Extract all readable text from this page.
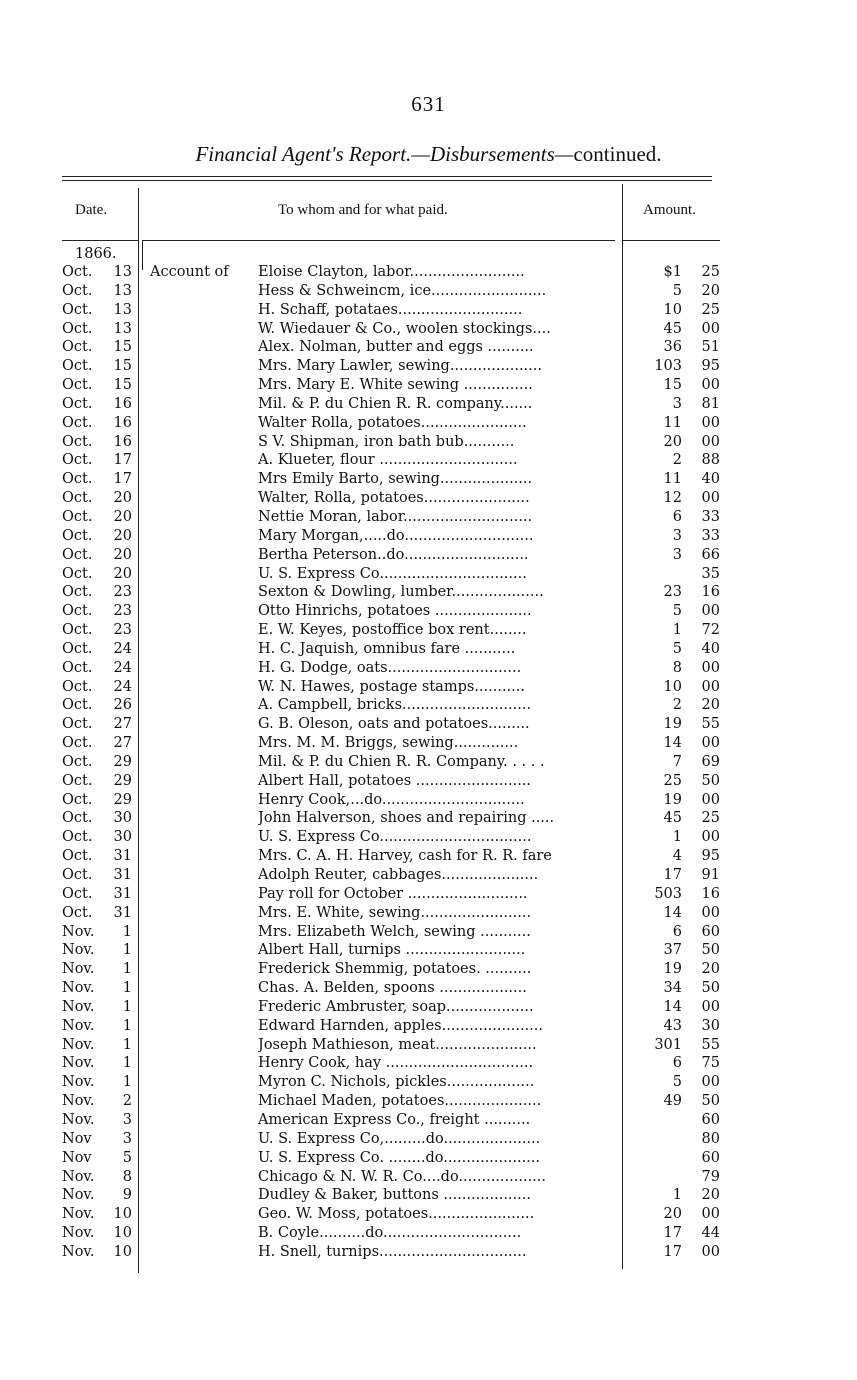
631
Financial Agent's Report.—Disbursements—continued.
Date.	To whom and for what paid.	Amount.
1866.
Account of
Oct.	13	Eloise Clayton, labor.........................	$1	25
Oct.	13	Hess & Schweincm, ice.........................	5	20
Oct.	13	H. Schaff, potataes...........................	10	25
Oct.	13	W. Wiedauer & Co., woolen stockings....	45	00
Oct.	15	Alex. Nolman, butter and eggs ..........	36	51
Oct.	15	Mrs. Mary Lawler, sewing....................	103	95
Oct.	15	Mrs. Mary E. White sewing ...............	15	00
Oct.	16	Mil. & P. du Chien R. R. company.......	3	81
Oct.	16	Walter Rolla, potatoes.......................	11	00
Oct.	16	S V. Shipman, iron bath bub...........	20	00
Oct.	17	A. Klueter, flour ..............................	2	88
Oct.	17	Mrs Emily Barto, sewing....................	11	40
Oct.	20	Walter, Rolla, potatoes.......................	12	00
Oct.	20	Nettie Moran, labor............................	6	33
Oct.	20	Mary Morgan,.....do............................	3	33
Oct.	20	Bertha Peterson..do...........................	3	66
Oct.	20	U. S. Express Co................................	35
Oct.	23	Sexton & Dowling, lumber....................	23	16
Oct.	23	Otto Hinrichs, potatoes .....................	5	00
Oct.	23	E. W. Keyes, postoffice box rent........	1	72
Oct.	24	H. C. Jaquish, omnibus fare ...........	5	40
Oct.	24	H. G. Dodge, oats.............................	8	00
Oct.	24	W. N. Hawes, postage stamps...........	10	00
Oct.	26	A. Campbell, bricks............................	2	20
Oct.	27	G. B. Oleson, oats and potatoes.........	19	55
Oct.	27	Mrs. M. M. Briggs, sewing..............	14	00
Oct.	29	Mil. & P. du Chien R. R. Company. . . . .	7	69
Oct.	29	Albert Hall, potatoes .........................	25	50
Oct.	29	Henry Cook,...do...............................	19	00
Oct.	30	John Halverson, shoes and repairing .....	45	25
Oct.	30	U. S. Express Co.................................	1	00
Oct.	31	Mrs. C. A. H. Harvey, cash for R. R. fare	4	95
Oct.	31	Adolph Reuter, cabbages.....................	17	91
Oct.	31	Pay roll for October ..........................	503	16
Oct.	31	Mrs. E. White, sewing........................	14	00
Nov.	1	Mrs. Elizabeth Welch, sewing ...........	6	60
Nov.	1	Albert Hall, turnips ..........................	37	50
Nov.	1	Frederick Shemmig, potatoes. ..........	19	20
Nov.	1	Chas. A. Belden, spoons ...................	34	50
Nov.	1	Frederic Ambruster, soap...................	14	00
Nov.	1	Edward Harnden, apples......................	43	30
Nov.	1	Joseph Mathieson, meat......................	301	55
Nov.	1	Henry Cook, hay ................................	6	75
Nov.	1	Myron C. Nichols, pickles...................	5	00
Nov.	2	Michael Maden, potatoes.....................	49	50
Nov.	3	American Express Co., freight ..........	60
Nov	3	U. S. Express Co,.........do.....................	80
Nov	5	U. S. Express Co. ........do.....................	60
Nov.	8	Chicago & N. W. R. Co....do...................	79
Nov.	9	Dudley & Baker, buttons ...................	1	20
Nov.	10	Geo. W. Moss, potatoes.......................	20	00
Nov.	10	B. Coyle..........do..............................	17	44
Nov.	10	H. Snell, turnips................................	17	00
